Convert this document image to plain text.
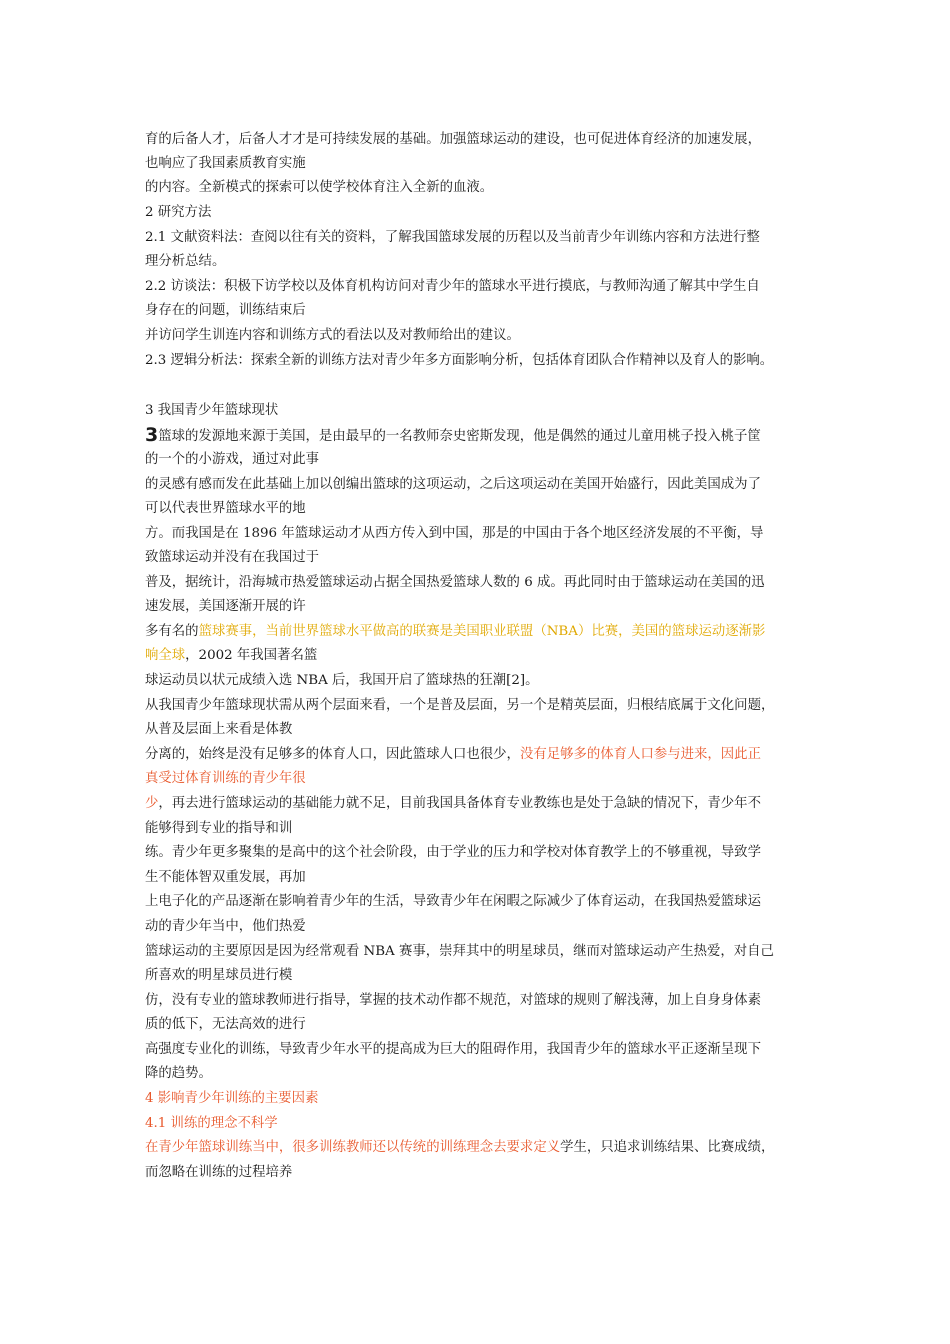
育的后备人才，后备人才才是可持续发展的基础。加强篮球运动的建设，也可促进体育经济的加速发展，
也响应了我国素质教育实施
的内容。全新模式的探索可以使学校体育注入全新的血液。
2 研究方法
2.1 文献资料法：查阅以往有关的资料，了解我国篮球发展的历程以及当前青少年训练内容和方法进行整
理分析总结。
2.2 访谈法：积极下访学校以及体育机构访问对青少年的篮球水平进行摸底，与教师沟通了解其中学生自
身存在的问题，训练结束后
并访问学生训连内容和训练方式的看法以及对教师给出的建议。
2.3 逻辑分析法：探索全新的训练方法对青少年多方面影响分析，包括体育团队合作精神以及育人的影响。
3 我国青少年篮球现状
3篮球的发源地来源于美国，是由最早的一名教师奈史密斯发现，他是偶然的通过儿童用桃子投入桃子筐
的一个的小游戏，通过对此事
的灵感有感而发在此基础上加以创编出篮球的这项运动，之后这项运动在美国开始盛行，因此美国成为了
可以代表世界篮球水平的地
方。而我国是在 1896 年篮球运动才从西方传入到中国，那是的中国由于各个地区经济发展的不平衡，导
致篮球运动并没有在我国过于
普及，据统计，沿海城市热爱篮球运动占据全国热爱篮球人数的 6 成。再此同时由于篮球运动在美国的迅
速发展，美国逐渐开展的许
多有名的篮球赛事，当前世界篮球水平做高的联赛是美国职业联盟（NBA）比赛，美国的篮球运动逐渐影
响全球，2002 年我国著名篮
球运动员以状元成绩入选 NBA 后，我国开启了篮球热的狂潮[2]。
从我国青少年篮球现状需从两个层面来看，一个是普及层面，另一个是精英层面，归根结底属于文化问题，
从普及层面上来看是体教
分离的，始终是没有足够多的体育人口，因此篮球人口也很少，没有足够多的体育人口参与进来，因此正
真受过体育训练的青少年很
少，再去进行篮球运动的基础能力就不足，目前我国具备体育专业教练也是处于急缺的情况下，青少年不
能够得到专业的指导和训
练。青少年更多聚集的是高中的这个社会阶段，由于学业的压力和学校对体育教学上的不够重视，导致学
生不能体智双重发展，再加
上电子化的产品逐渐在影响着青少年的生活，导致青少年在闲暇之际减少了体育运动，在我国热爱篮球运
动的青少年当中，他们热爱
篮球运动的主要原因是因为经常观看 NBA 赛事，崇拜其中的明星球员，继而对篮球运动产生热爱，对自己
所喜欢的明星球员进行模
仿，没有专业的篮球教师进行指导，掌握的技术动作都不规范，对篮球的规则了解浅薄，加上自身身体素
质的低下，无法高效的进行
高强度专业化的训练，导致青少年水平的提高成为巨大的阻碍作用，我国青少年的篮球水平正逐渐呈现下
降的趋势。
4 影响青少年训练的主要因素
4.1 训练的理念不科学
在青少年篮球训练当中，很多训练教师还以传统的训练理念去要求定义学生，只追求训练结果、比赛成绩，
而忽略在训练的过程培养
